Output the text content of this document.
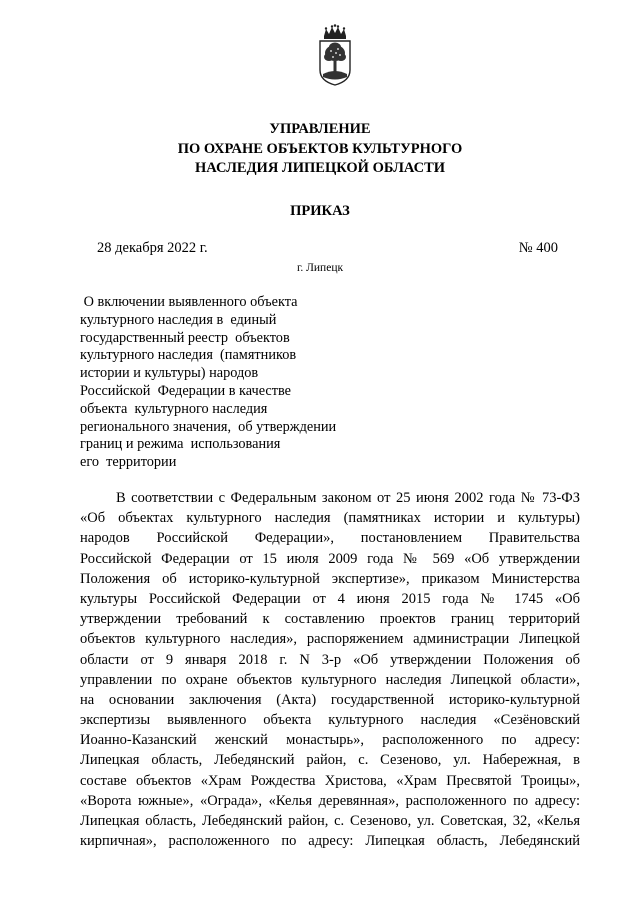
УПРАВЛЕНИЕ
ПО ОХРАНЕ ОБЪЕКТОВ КУЛЬТУРНОГО
НАСЛЕДИЯ ЛИПЕЦКОЙ ОБЛАСТИ
ПРИКАЗ
28 декабря 2022 г.	№ 400
г. Липецк
О включении выявленного объекта
культурного наследия в  единый
государственный реестр  объектов
культурного наследия  (памятников
истории и культуры) народов
Российской  Федерации в качестве
объекта  культурного наследия
регионального значения,  об утверждении
границ и режима  использования
его  территории
В соответствии с Федеральным законом от 25 июня 2002 года № 73-ФЗ
«Об объектах культурного наследия (памятниках истории и культуры)
народов Российской Федерации», постановлением Правительства
Российской Федерации от 15 июля 2009 года № 569 «Об утверждении
Положения об историко-культурной экспертизе», приказом Министерства
культуры Российской Федерации от 4 июня 2015 года № 1745 «Об
утверждении требований к составлению проектов границ территорий
объектов культурного наследия», распоряжением администрации Липецкой
области от 9 января 2018 г. N 3-р «Об утверждении Положения об
управлении по охране объектов культурного наследия Липецкой области»,
на основании заключения (Акта) государственной историко-культурной
экспертизы выявленного объекта культурного наследия «Сезёновский
Иоанно-Казанский женский монастырь», расположенного по адресу:
Липецкая область, Лебедянский район, с. Сезеново, ул. Набережная, в
составе объектов «Храм Рождества Христова, «Храм Пресвятой Троицы»,
«Ворота южные», «Ограда», «Келья деревянная», расположенного по адресу:
Липецкая область, Лебедянский район, с. Сезеново, ул. Советская, 32, «Келья
кирпичная», расположенного по адресу: Липецкая область, Лебедянский
